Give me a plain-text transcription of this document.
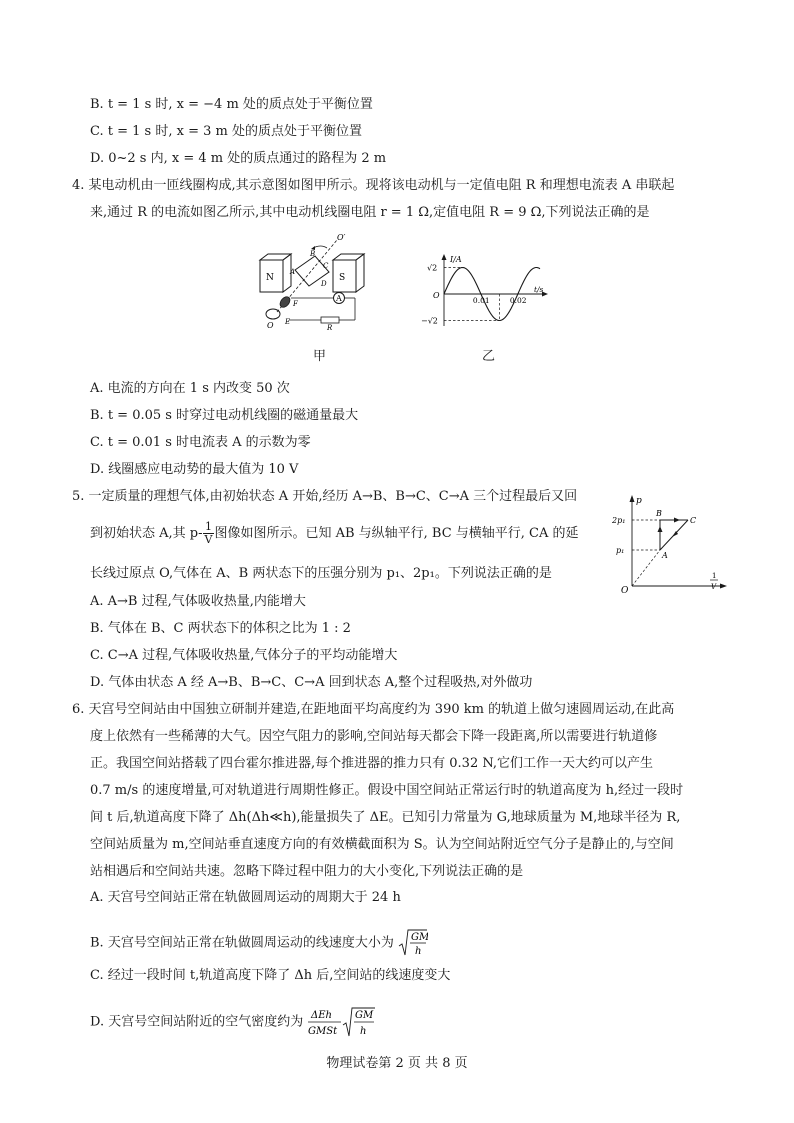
B. t = 1 s 时, x = −4 m 处的质点处于平衡位置
C. t = 1 s 时, x = 3 m 处的质点处于平衡位置
D. 0~2 s 内, x = 4 m 处的质点通过的路程为 2 m
4. 某电动机由一匝线圈构成,其示意图如图甲所示。现将该电动机与一定值电阻 R 和理想电流表 A 串联起
来,通过 R 的电流如图乙所示,其中电动机线圈电阻 r = 1 Ω,定值电阻 R = 9 Ω,下列说法正确的是
A
N	S
A
B
C
D
O′
O E
F
R
甲
I/A
t/s
O
√2
−√2
0.01	0.02
乙
A. 电流的方向在 1 s 内改变 50 次
B. t = 0.05 s 时穿过电动机线圈的磁通量最大
C. t = 0.01 s 时电流表 A 的示数为零
D. 线圈感应电动势的最大值为 10 V
5. 一定质量的理想气体,由初始状态 A 开始,经历 A→B、B→C、C→A 三个过程最后又回
到初始状态 A,其 $p- \frac{1}{V}$ 图像如图所示。已知 AB 与纵轴平行, BC 与横轴平行, CA 的延
长线过原点 O,气体在 A、B 两状态下的压强分别为 p₁、2p₁。下列说法正确的是
p
2p₁
p₁
O
B
C
A
1
V
A. A→B 过程,气体吸收热量,内能增大
B. 气体在 B、C 两状态下的体积之比为 1 : 2
C. C→A 过程,气体吸收热量,气体分子的平均动能增大
D. 气体由状态 A 经 A→B、B→C、C→A 回到状态 A,整个过程吸热,对外做功
6. 天宫号空间站由中国独立研制并建造,在距地面平均高度约为 390 km 的轨道上做匀速圆周运动,在此高
度上依然有一些稀薄的大气。因空气阻力的影响,空间站每天都会下降一段距离,所以需要进行轨道修
正。我国空间站搭载了四台霍尔推进器,每个推进器的推力只有 0.32 N,它们工作一天大约可以产生
0.7 m/s 的速度增量,可对轨道进行周期性修正。假设中国空间站正常运行时的轨道高度为 h,经过一段时
间 t 后,轨道高度下降了 Δh(Δh≪h),能量损失了 ΔE。已知引力常量为 G,地球质量为 M,地球半径为 R,
空间站质量为 m,空间站垂直速度方向的有效横截面积为 S。认为空间站附近空气分子是静止的,与空间
站相遇后和空间站共速。忽略下降过程中阻力的大小变化,下列说法正确的是
A. 天宫号空间站正常在轨做圆周运动的周期大于 24 h
B. 天宫号空间站正常在轨做圆周运动的线速度大小为 GM
h
C. 经过一段时间 t,轨道高度下降了 Δh 后,空间站的线速度变大
D. 天宫号空间站附近的空气密度约为 ΔEh
GMSt
GM
h
物理试卷第 2 页 共 8 页
